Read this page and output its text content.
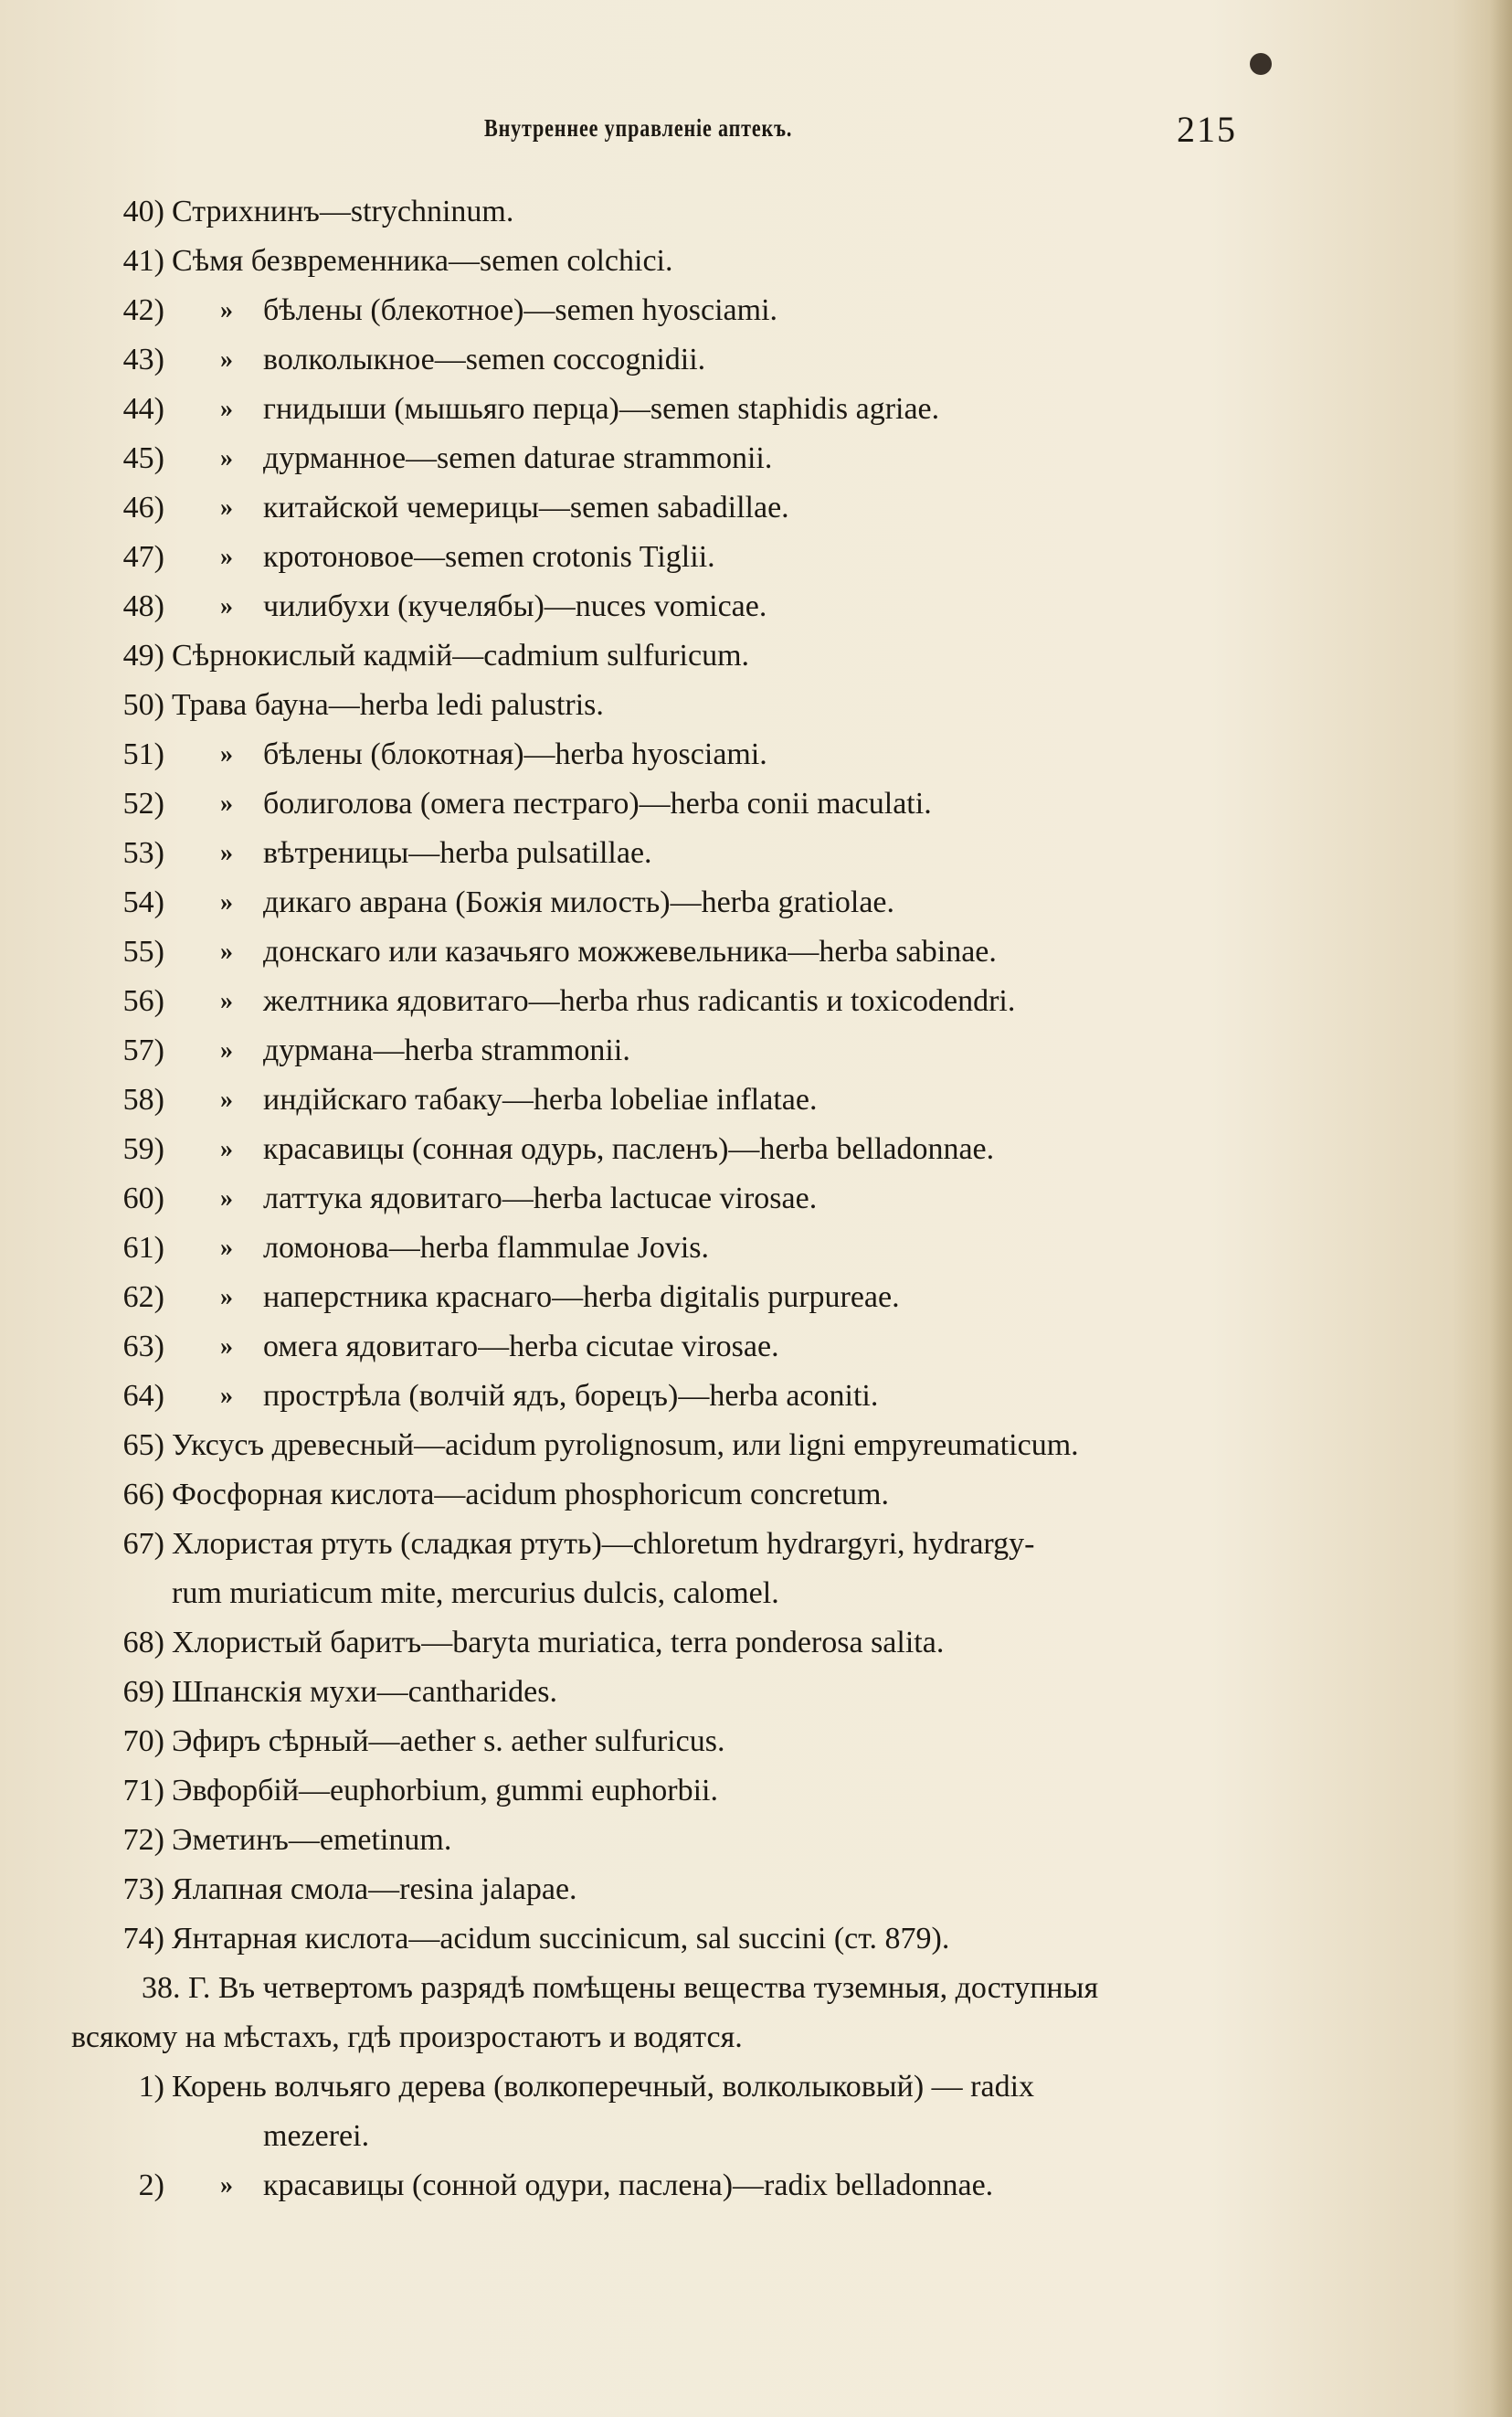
Внутреннее управленіе аптекъ.	215
40) Стрихнинъ—strychninum.
41) Сѣмя безвременника—semen colchici.
42) » бѣлены (блекотное)—semen hyosciami.
43) » волколыкное—semen coccognidii.
44) » гнидыши (мышьяго перца)—semen staphidis agriae.
45) » дурманное—semen daturae strammonii.
46) » китайской чемерицы—semen sabadillae.
47) » кротоновое—semen crotonis Tiglii.
48) » чилибухи (кучелябы)—nuces vomicae.
49) Сѣрнокислый кадмій—cadmium sulfuricum.
50) Трава бауна—herba ledi palustris.
51) » бѣлены (блокотная)—herba hyosciami.
52) » болиголова (омега пестраго)—herba conii maculati.
53) » вѣтреницы—herba pulsatillae.
54) » дикаго аврана (Божія милость)—herba gratiolae.
55) » донскаго или казачьяго можжевельника—herba sabinae.
56) » желтника ядовитаго—herba rhus radicantis и toxicodendri.
57) » дурмана—herba strammonii.
58) » индійскаго табаку—herba lobeliae inflatae.
59) » красавицы (сонная одурь, пасленъ)—herba belladonnae.
60) » латтука ядовитаго—herba lactucae virosae.
61) » ломонова—herba flammulae Jovis.
62) » наперстника краснаго—herba digitalis purpureae.
63) » омега ядовитаго—herba cicutae virosae.
64) » прострѣла (волчій ядъ, борецъ)—herba aconiti.
65) Уксусъ древесный—acidum pyrolignosum, или ligni empyreumaticum.
66) Фосфорная кислота—acidum phosphoricum concretum.
67) Хлористая ртуть (сладкая ртуть)—chloretum hydrargyri, hydrargy-
rum muriaticum mite, mercurius dulcis, calomel.
68) Хлористый баритъ—baryta muriatica, terra ponderosa salita.
69) Шпанскія мухи—cantharides.
70) Эфиръ сѣрный—aether s. aether sulfuricus.
71) Эвфорбій—euphorbium, gummi euphorbii.
72) Эметинъ—emetinum.
73) Ялапная смола—resina jalapae.
74) Янтарная кислота—acidum succinicum, sal succini (ст. 879).
38. Г. Въ четвертомъ разрядѣ помѣщены вещества туземныя, доступныя
всякому на мѣстахъ, гдѣ произростаютъ и водятся.
1) Корень волчьяго дерева (волкоперечный, волколыковый) — radix
mezerei.
2) » красавицы (сонной одури, паслена)—radix belladonnae.
